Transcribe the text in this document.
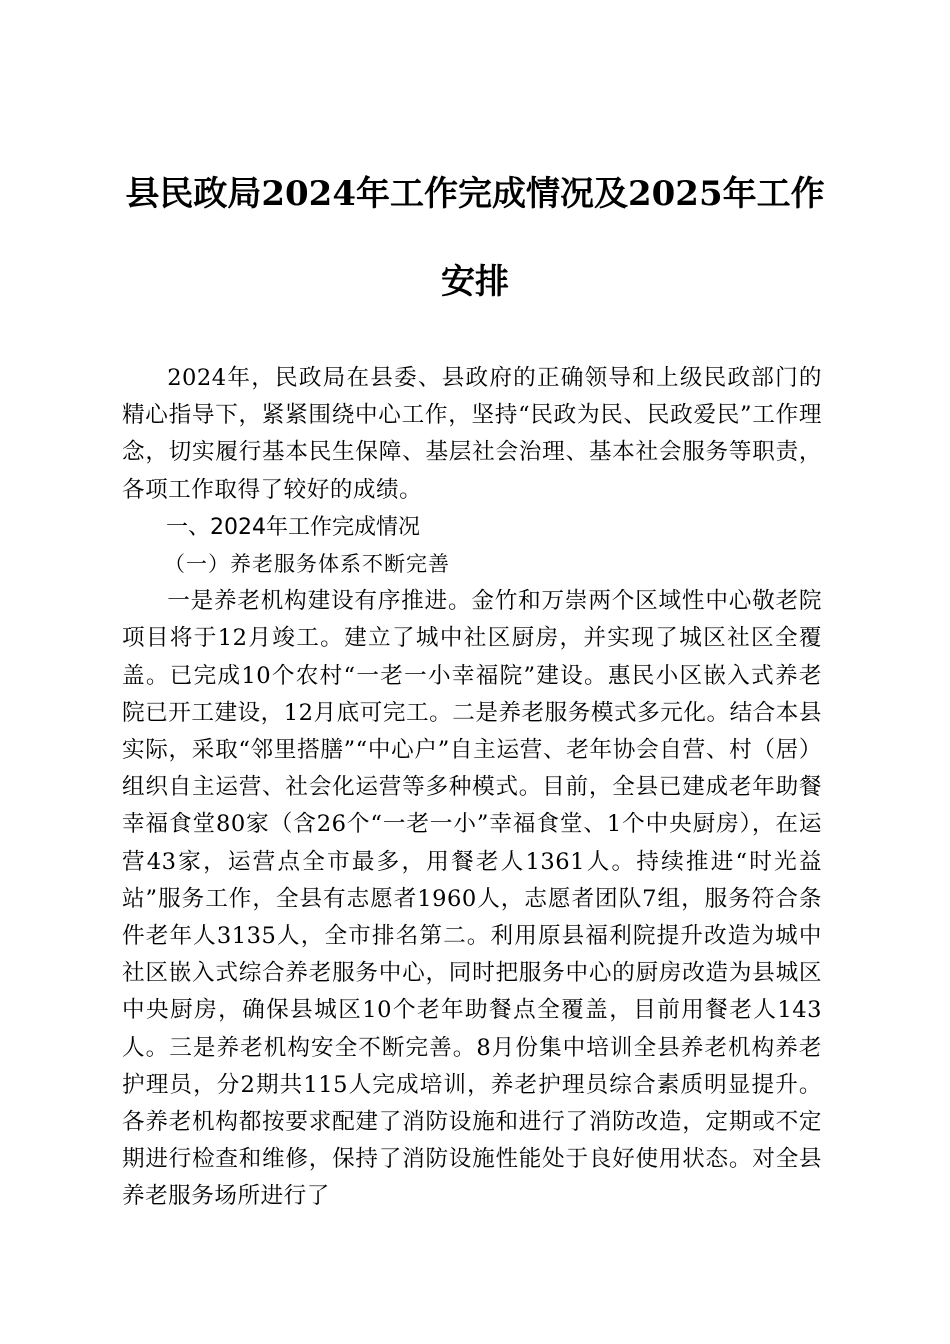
县民政局2024年工作完成情况及2025年工作
安排

2024年，民政局在县委、县政府的正确领导和上级民政部门的精心指导下，紧紧围绕中心工作，坚持“民政为民、民政爱民”工作理念，切实履行基本民生保障、基层社会治理、基本社会服务等职责，各项工作取得了较好的成绩。

一、2024年工作完成情况

（一）养老服务体系不断完善

一是养老机构建设有序推进。金竹和万崇两个区域性中心敬老院项目将于12月竣工。建立了城中社区厨房，并实现了城区社区全覆盖。已完成10个农村“一老一小幸福院”建设。惠民小区嵌入式养老院已开工建设，12月底可完工。二是养老服务模式多元化。结合本县实际，采取“邻里搭膳”“中心户”自主运营、老年协会自营、村（居）组织自主运营、社会化运营等多种模式。目前，全县已建成老年助餐幸福食堂80家（含26个“一老一小”幸福食堂、1个中央厨房），在运营43家，运营点全市最多，用餐老人1361人。持续推进“时光益站”服务工作，全县有志愿者1960人，志愿者团队7组，服务符合条件老年人3135人，全市排名第二。利用原县福利院提升改造为城中社区嵌入式综合养老服务中心，同时把服务中心的厨房改造为县城区中央厨房，确保县城区10个老年助餐点全覆盖，目前用餐老人143人。三是养老机构安全不断完善。8月份集中培训全县养老机构养老护理员，分2期共115人完成培训，养老护理员综合素质明显提升。各养老机构都按要求配建了消防设施和进行了消防改造，定期或不定期进行检查和维修，保持了消防设施性能处于良好使用状态。对全县养老服务场所进行了
